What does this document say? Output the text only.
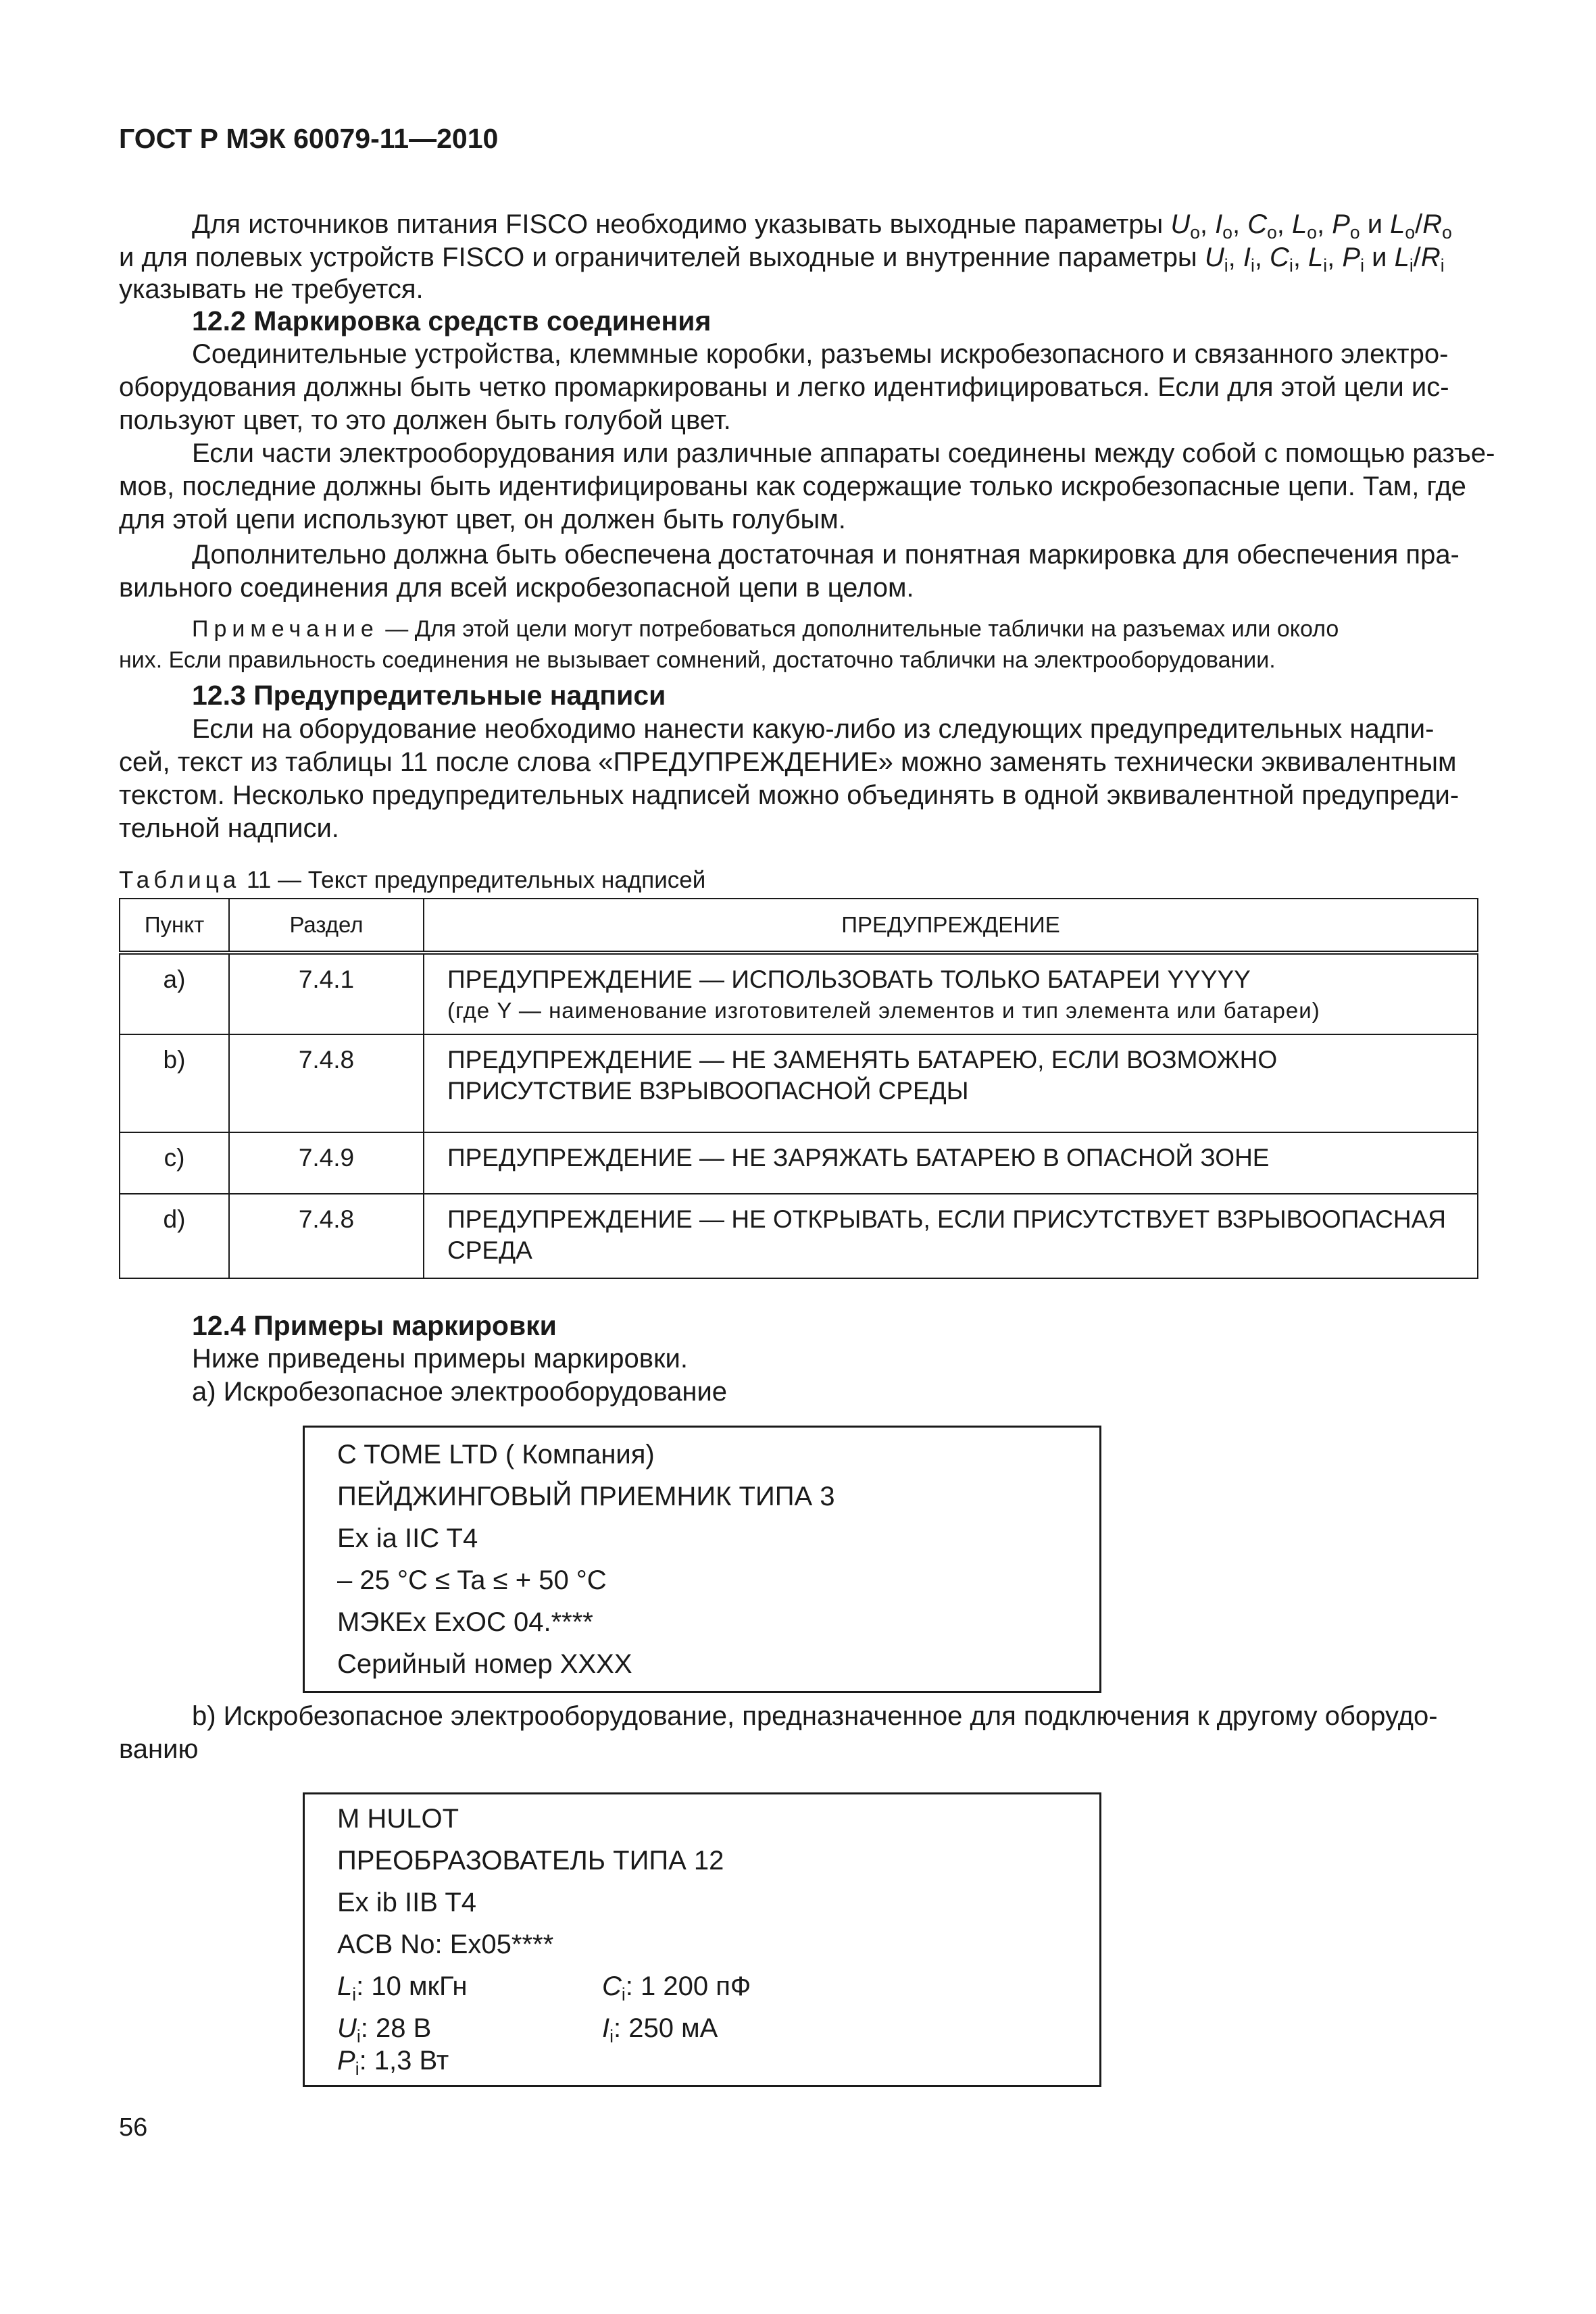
ГОСТ Р МЭК 60079-11—2010
Для источников питания FISCO необходимо указывать выходные параметры $U_o$, $I_o$, $C_o$, $L_o$, $P_o$ и $L_o/R_o$
и для полевых устройств FISCO и ограничителей выходные и внутренние параметры $U_i$, $I_i$, $C_i$, $L_i$, $P_i$ и $L_i/R_i$
указывать не требуется.
12.2 Маркировка средств соединения
Соединительные устройства, клеммные коробки, разъемы искробезопасного и связанного электро-
оборудования должны быть четко промаркированы и легко идентифицироваться. Если для этой цели ис-
пользуют цвет, то это должен быть голубой цвет.
Если части электрооборудования или различные аппараты соединены между собой с помощью разъе-
мов, последние должны быть идентифицированы как содержащие только искробезопасные цепи. Там, где
для этой цепи используют цвет, он должен быть голубым.
Дополнительно должна быть обеспечена достаточная и понятная маркировка для обеспечения пра-
вильного соединения для всей искробезопасной цепи в целом.
Примечание — Для этой цели могут потребоваться дополнительные таблички на разъемах или около
них. Если правильность соединения не вызывает сомнений, достаточно таблички на электрооборудовании.
12.3 Предупредительные надписи
Если на оборудование необходимо нанести какую-либо из следующих предупредительных надпи-
сей, текст из таблицы 11 после слова «ПРЕДУПРЕЖДЕНИЕ» можно заменять технически эквивалентным
текстом. Несколько предупредительных надписей можно объединять в одной эквивалентной предупреди-
тельной надписи.
Таблица 11 — Текст предупредительных надписей
Пункт	Раздел	ПРЕДУПРЕЖДЕНИЕ
a)	7.4.1	ПРЕДУПРЕЖДЕНИЕ — ИСПОЛЬЗОВАТЬ ТОЛЬКО БАТАРЕИ YYYYY
(где Y — наименование изготовителей элементов и тип элемента или батареи)

b)	7.4.8	ПРЕДУПРЕЖДЕНИЕ — НЕ ЗАМЕНЯТЬ БАТАРЕЮ, ЕСЛИ ВОЗМОЖНО
ПРИСУТСТВИЕ ВЗРЫВООПАСНОЙ СРЕДЫ

c)	7.4.9	ПРЕДУПРЕЖДЕНИЕ — НЕ ЗАРЯЖАТЬ БАТАРЕЮ В ОПАСНОЙ ЗОНЕ

d)	7.4.8	ПРЕДУПРЕЖДЕНИЕ — НЕ ОТКРЫВАТЬ, ЕСЛИ ПРИСУТСТВУЕТ ВЗРЫВООПАСНАЯ
СРЕДА
12.4 Примеры маркировки
Ниже приведены примеры маркировки.
а) Искробезопасное электрооборудование
C TOME LTD ( Компания)
ПЕЙДЖИНГОВЫЙ ПРИЕМНИК ТИПА 3
Ex ia IIC T4
– 25 °C ≤ Ta ≤ + 50 °C
МЭКEx ExOC 04.****
Серийный номер XXXX
b) Искробезопасное электрооборудование, предназначенное для подключения к другому оборудо-
ванию
M HULOT
ПРЕОБРАЗОВАТЕЛЬ ТИПА 12
Ex ib IIB T4
ACB No: Ex05****
$L_i$: 10 мкГн	$C_i$: 1 200 пФ
$U_i$: 28 В	$I_i$: 250 мА
$P_i$: 1,3 Вт
56
